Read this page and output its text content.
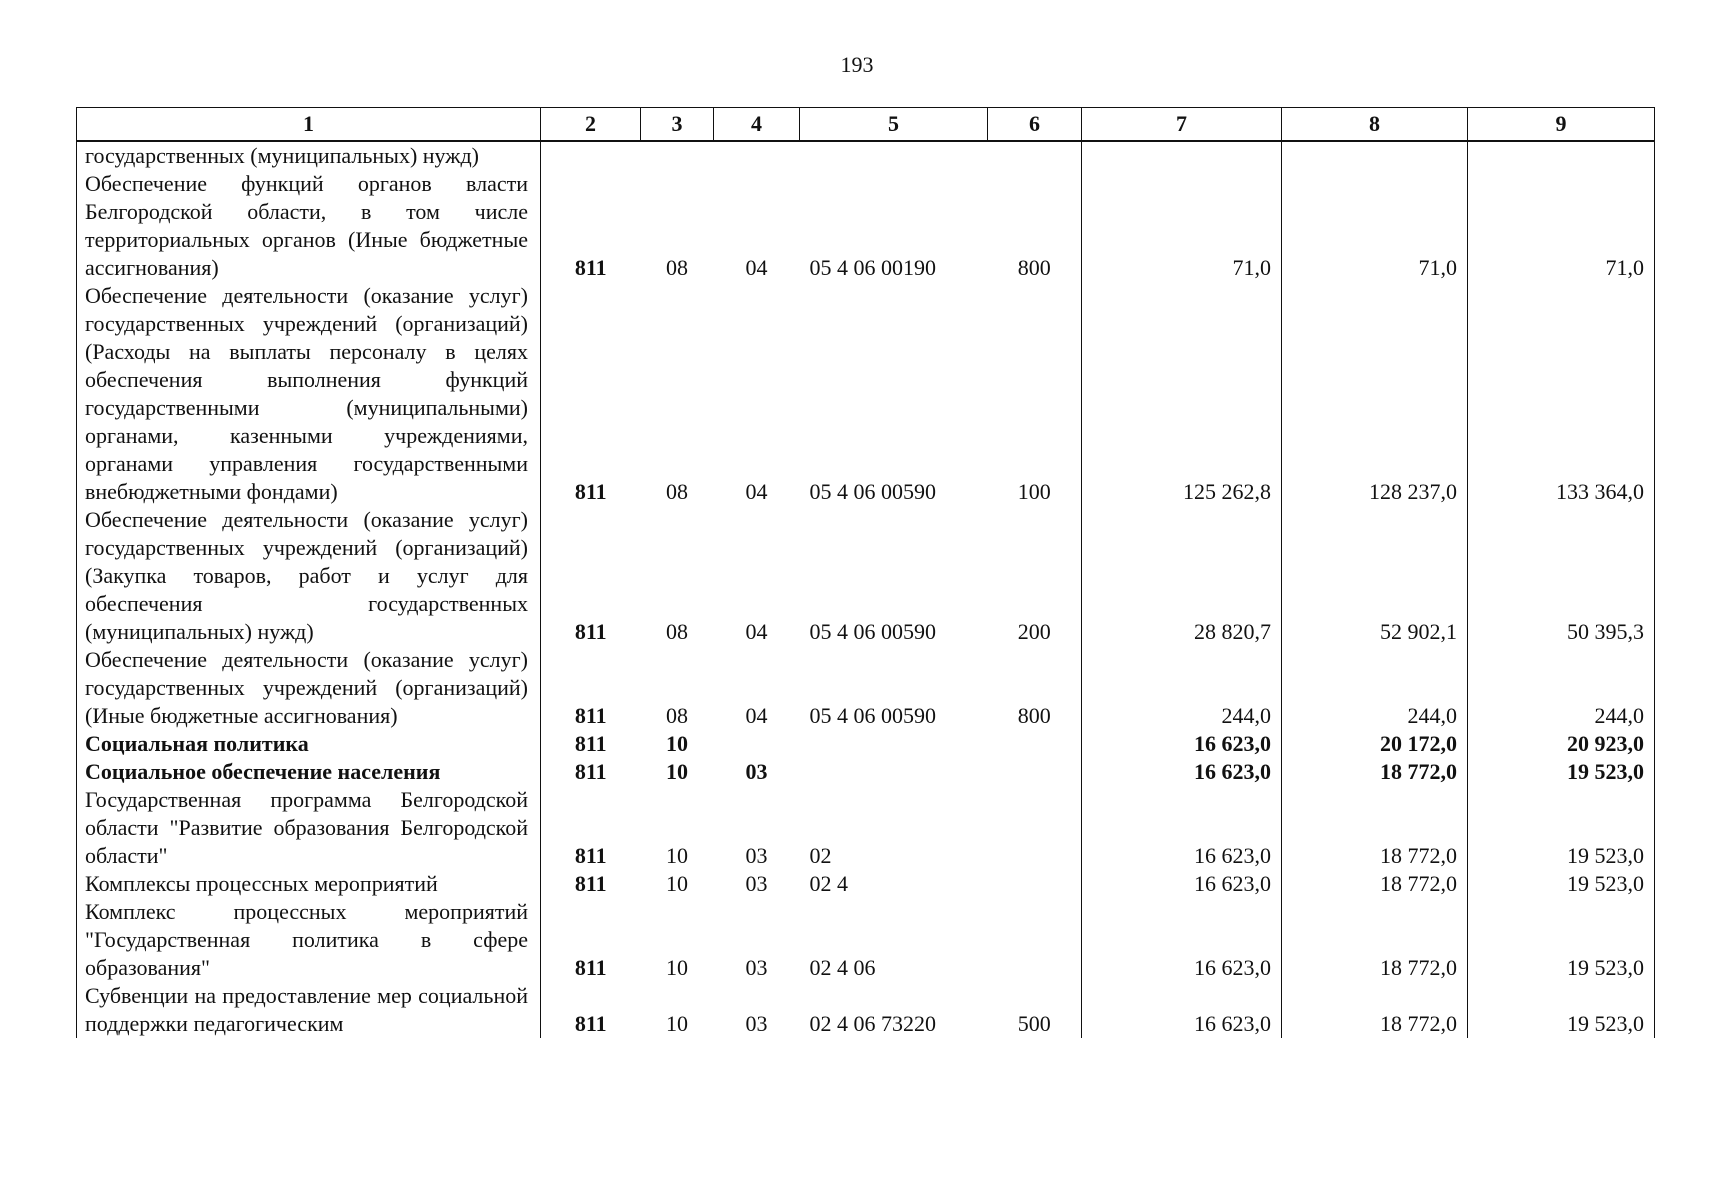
193
1	2	3	4	5	6	7	8	9
государственных (муниципальных) нужд)								
Обеспечение функций органов власти Белгородской области, в том числе территориальных органов (Иные бюджетные ассигнования)	811	08	04	05 4 06 00190	800	71,0	71,0	71,0
Обеспечение деятельности (оказание услуг) государственных учреждений (организаций) (Расходы на выплаты персоналу в целях обеспечения выполнения функций государственными (муниципальными) органами, казенными учреждениями, органами управления государственными внебюджетными фондами)	811	08	04	05 4 06 00590	100	125 262,8	128 237,0	133 364,0
Обеспечение деятельности (оказание услуг) государственных учреждений (организаций) (Закупка товаров, работ и услуг для обеспечения государственных (муниципальных) нужд)	811	08	04	05 4 06 00590	200	28 820,7	52 902,1	50 395,3
Обеспечение деятельности (оказание услуг) государственных учреждений (организаций) (Иные бюджетные ассигнования)	811	08	04	05 4 06 00590	800	244,0	244,0	244,0
Социальная политика	811	10				16 623,0	20 172,0	20 923,0
Социальное обеспечение населения	811	10	03			16 623,0	18 772,0	19 523,0
Государственная программа Белгородской области "Развитие образования Белгородской области"	811	10	03	02		16 623,0	18 772,0	19 523,0
Комплексы процессных мероприятий	811	10	03	02 4		16 623,0	18 772,0	19 523,0
Комплекс процессных мероприятий "Государственная политика в сфере образования"	811	10	03	02 4 06		16 623,0	18 772,0	19 523,0
Субвенции на предоставление мер социальной поддержки педагогическим	811	10	03	02 4 06 73220	500	16 623,0	18 772,0	19 523,0
